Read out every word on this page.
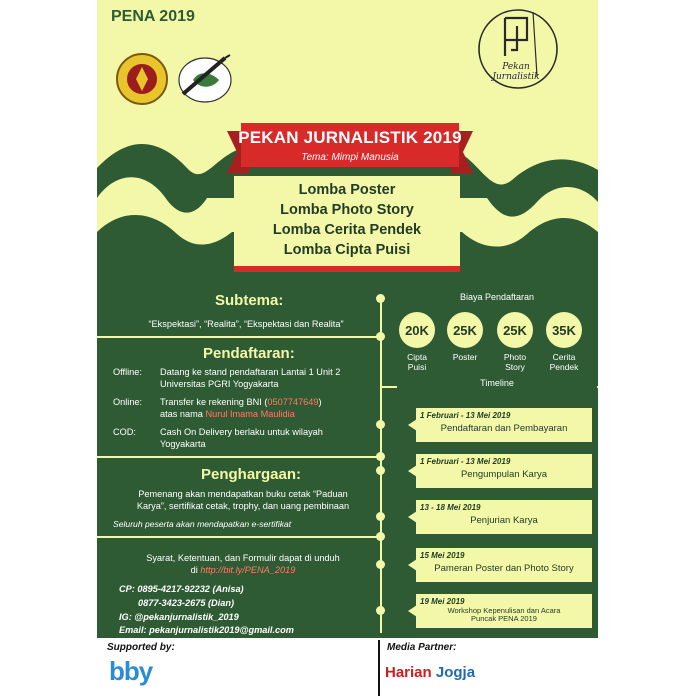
PENA 2019
Pekan Jurnalistik
PEKAN JURNALISTIK 2019
Tema: Mimpi Manusia
Lomba Poster
Lomba Photo Story
Lomba Cerita Pendek
Lomba Cipta Puisi
Subtema:
“Ekspektasi”, “Realita”, “Ekspektasi dan Realita”
Pendaftaran:
Offline: Datang ke stand pendaftaran Lantai 1 Unit 2
Universitas PGRI Yogyakarta
Online: Transfer ke rekening BNI (0507747649)
atas nama Nurul Imama Maulidia
COD:	Cash On Delivery berlaku untuk wilayah
Yogyakarta
Penghargaan:
Pemenang akan mendapatkan buku cetak “Paduan
Karya”, sertifikat cetak, trophy, dan uang pembinaan
Seluruh peserta akan mendapatkan e-sertifikat
Syarat, Ketentuan, dan Formulir dapat di unduh
di http://bit.ly/PENA_2019
CP: 0895-4217-92232 (Anisa)
0877-3423-2675 (Dian)
IG: @pekanjurnalistik_2019
Email: pekanjurnalistik2019@gmail.com
Biaya Pendaftaran
20K
Cipta
Puisi
25K
Poster
25K
Photo
Story
35K
Cerita
Pendek
Timeline
1 Februari - 13 Mei 2019
Pendaftaran dan Pembayaran
1 Februari - 13 Mei 2019
Pengumpulan Karya
13 - 18 Mei 2019
Penjurian Karya
15 Mei 2019
Pameran Poster dan Photo Story
19 Mei 2019
Workshop Kepenulisan dan Acara
Puncak PENA 2019
Supported by:
bby
Media Partner:
Harian Jogja
